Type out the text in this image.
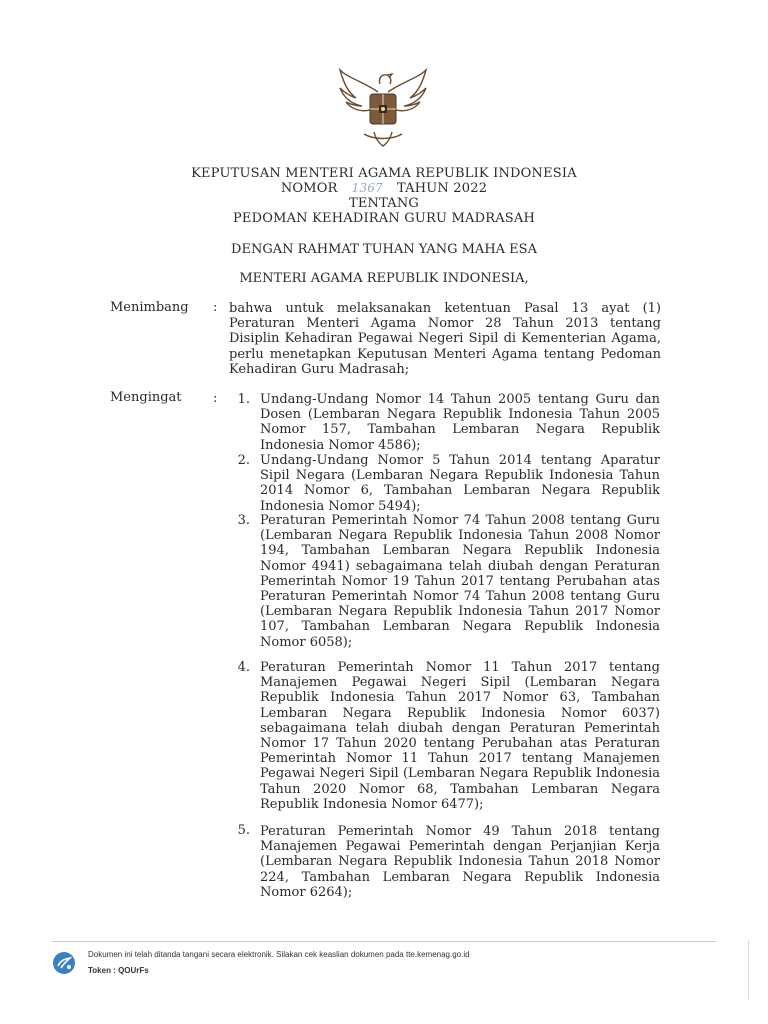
KEPUTUSAN MENTERI AGAMA REPUBLIK INDONESIA
NOMOR 1367 TAHUN 2022
TENTANG
PEDOMAN KEHADIRAN GURU MADRASAH
DENGAN RAHMAT TUHAN YANG MAHA ESA
MENTERI AGAMA REPUBLIK INDONESIA,
Menimbang : bahwa untuk melaksanakan ketentuan Pasal 13 ayat (1) Peraturan Menteri Agama Nomor 28 Tahun 2013 tentang Disiplin Kehadiran Pegawai Negeri Sipil di Kementerian Agama, perlu menetapkan Keputusan Menteri Agama tentang Pedoman Kehadiran Guru Madrasah;
Mengingat :	1. Undang-Undang Nomor 14 Tahun 2005 tentang Guru dan Dosen (Lembaran Negara Republik Indonesia Tahun 2005 Nomor 157, Tambahan Lembaran Negara Republik Indonesia Nomor 4586);
2. Undang-Undang Nomor 5 Tahun 2014 tentang Aparatur Sipil Negara (Lembaran Negara Republik Indonesia Tahun 2014 Nomor 6, Tambahan Lembaran Negara Republik Indonesia Nomor 5494);
3. Peraturan Pemerintah Nomor 74 Tahun 2008 tentang Guru (Lembaran Negara Republik Indonesia Tahun 2008 Nomor 194, Tambahan Lembaran Negara Republik Indonesia Nomor 4941) sebagaimana telah diubah dengan Peraturan Pemerintah Nomor 19 Tahun 2017 tentang Perubahan atas Peraturan Pemerintah Nomor 74 Tahun 2008 tentang Guru (Lembaran Negara Republik Indonesia Tahun 2017 Nomor 107, Tambahan Lembaran Negara Republik Indonesia Nomor 6058);
4. Peraturan Pemerintah Nomor 11 Tahun 2017 tentang Manajemen Pegawai Negeri Sipil (Lembaran Negara Republik Indonesia Tahun 2017 Nomor 63, Tambahan Lembaran Negara Republik Indonesia Nomor 6037) sebagaimana telah diubah dengan Peraturan Pemerintah Nomor 17 Tahun 2020 tentang Perubahan atas Peraturan Pemerintah Nomor 11 Tahun 2017 tentang Manajemen Pegawai Negeri Sipil (Lembaran Negara Republik Indonesia Tahun 2020 Nomor 68, Tambahan Lembaran Negara Republik Indonesia Nomor 6477);
5. Peraturan Pemerintah Nomor 49 Tahun 2018 tentang Manajemen Pegawai Pemerintah dengan Perjanjian Kerja (Lembaran Negara Republik Indonesia Tahun 2018 Nomor 224, Tambahan Lembaran Negara Republik Indonesia Nomor 6264);
Dokumen ini telah ditanda tangani secara elektronik. Silakan cek keaslian dokumen pada tte.kemenag.go.id
Token : QOUrFs
